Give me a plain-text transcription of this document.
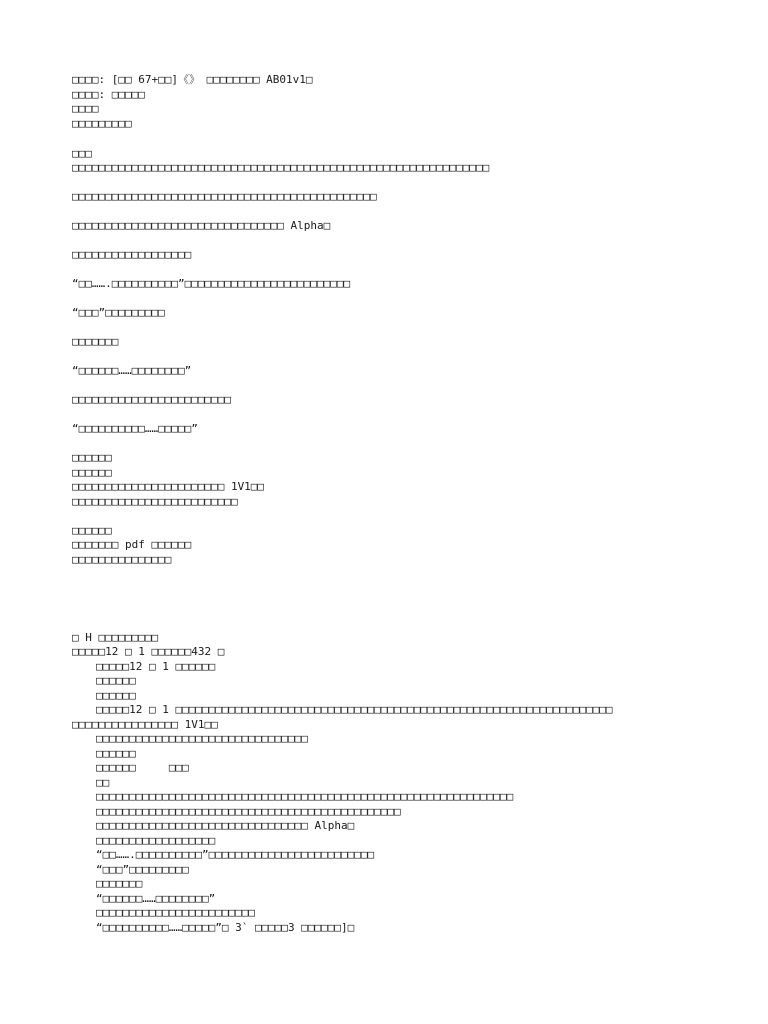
□□□□: [□□ 67+□□]《》 □□□□□□□□ AB01v1□
□□□□: □□□□□
□□□□
□□□□□□□□□
□□□
□□□□□□□□□□□□□□□□□□□□□□□□□□□□□□□□□□□□□□□□□□□□□□□□□□□□□□□□□□□□□□□
□□□□□□□□□□□□□□□□□□□□□□□□□□□□□□□□□□□□□□□□□□□□□□
□□□□□□□□□□□□□□□□□□□□□□□□□□□□□□□□ Alpha□
□□□□□□□□□□□□□□□□□□
“□□…….□□□□□□□□□□”□□□□□□□□□□□□□□□□□□□□□□□□□
“□□□”□□□□□□□□□
□□□□□□□
“□□□□□□……□□□□□□□□”
□□□□□□□□□□□□□□□□□□□□□□□□
“□□□□□□□□□□……□□□□□”
□□□□□□
□□□□□□
□□□□□□□□□□□□□□□□□□□□□□□ 1V1□□
□□□□□□□□□□□□□□□□□□□□□□□□□
□□□□□□
□□□□□□□ pdf □□□□□□
□□□□□□□□□□□□□□□
□ H □□□□□□□□□
□□□□□12 □ 1 □□□□□□432 □
□□□□□12 □ 1 □□□□□□
□□□□□□
□□□□□□
□□□□□12 □ 1 □□□□□□□□□□□□□□□□□□□□□□□□□□□□□□□□□□□□□□□□□□□□□□□□□□□□□□□□□□□□□□□□□□
□□□□□□□□□□□□□□□□ 1V1□□
□□□□□□□□□□□□□□□□□□□□□□□□□□□□□□□□
□□□□□□
□□□□□□     □□□
□□
□□□□□□□□□□□□□□□□□□□□□□□□□□□□□□□□□□□□□□□□□□□□□□□□□□□□□□□□□□□□□□□
□□□□□□□□□□□□□□□□□□□□□□□□□□□□□□□□□□□□□□□□□□□□□□
□□□□□□□□□□□□□□□□□□□□□□□□□□□□□□□□ Alpha□
□□□□□□□□□□□□□□□□□□
“□□…….□□□□□□□□□□”□□□□□□□□□□□□□□□□□□□□□□□□□
“□□□”□□□□□□□□□
□□□□□□□
“□□□□□□……□□□□□□□□”
□□□□□□□□□□□□□□□□□□□□□□□□
“□□□□□□□□□□……□□□□□”□ 3` □□□□□3 □□□□□□]□
